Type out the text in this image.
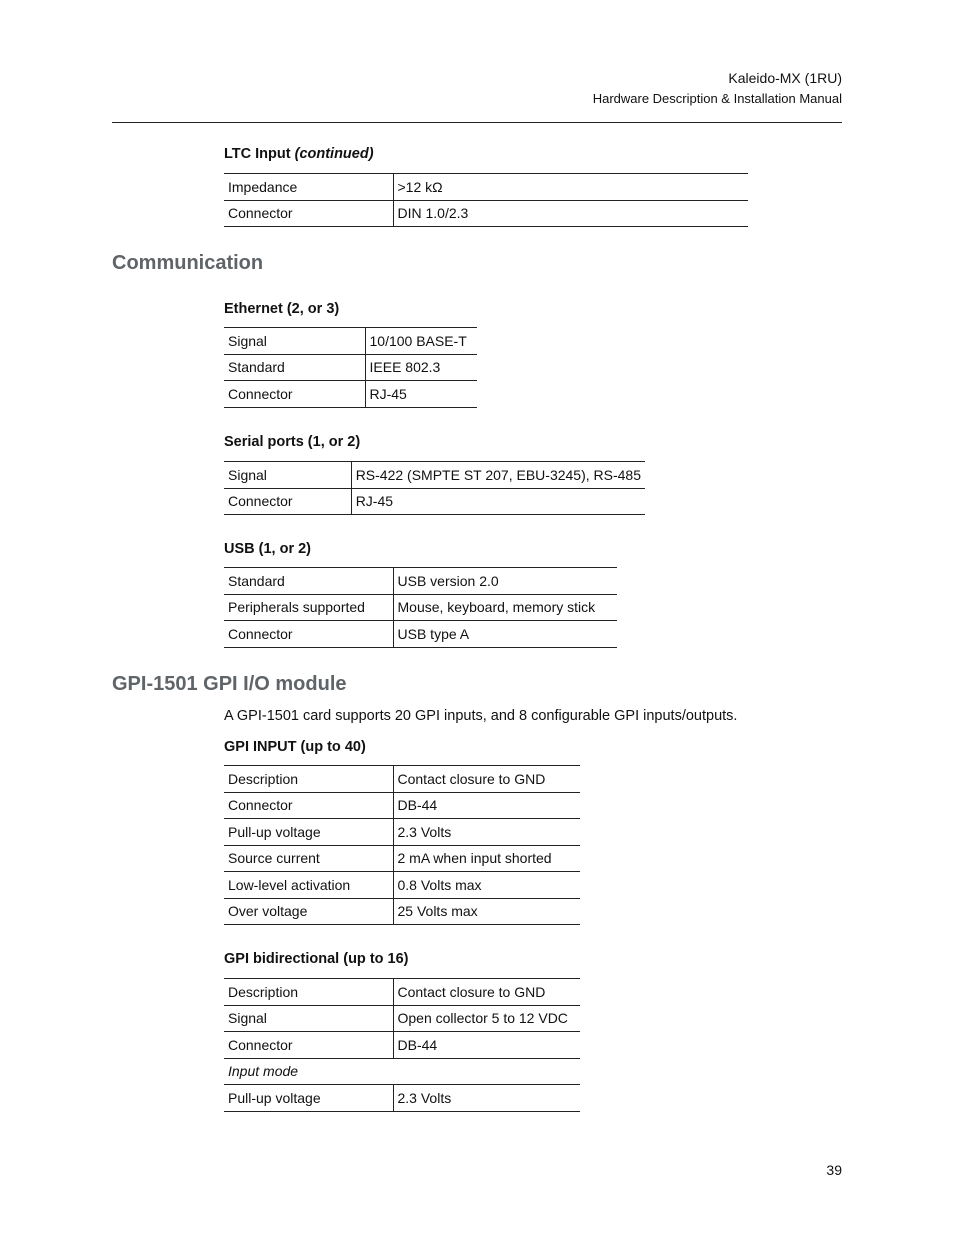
Kaleido-MX (1RU)
Hardware Description & Installation Manual
LTC Input (continued)
Impedance	>12 kΩ
Connector	DIN 1.0/2.3
Communication
Ethernet (2, or 3)
Signal	10/100 BASE-T
Standard	IEEE 802.3
Connector	RJ-45
Serial ports (1, or 2)
Signal	RS-422 (SMPTE ST 207, EBU-3245), RS-485
Connector	RJ-45
USB (1, or 2)
Standard	USB version 2.0
Peripherals supported	Mouse, keyboard, memory stick
Connector	USB type A
GPI-1501 GPI I/O module
A GPI-1501 card supports 20 GPI inputs, and 8 configurable GPI inputs/outputs.
GPI INPUT (up to 40)
Description	Contact closure to GND
Connector	DB-44
Pull-up voltage	2.3 Volts
Source current	2 mA when input shorted
Low-level activation	0.8 Volts max
Over voltage	25 Volts max
GPI bidirectional (up to 16)
Description	Contact closure to GND
Signal	Open collector 5 to 12 VDC
Connector	DB-44
Input mode	
Pull-up voltage	2.3 Volts
39
